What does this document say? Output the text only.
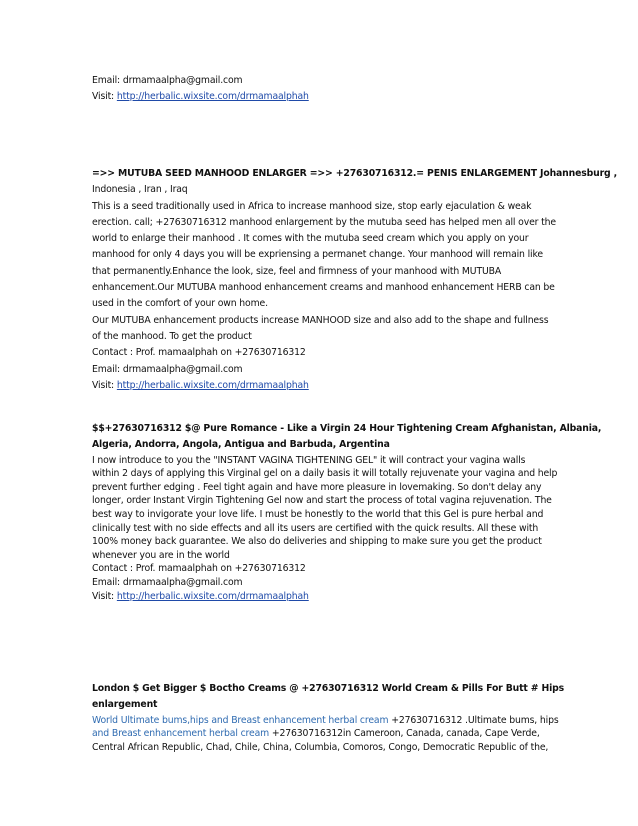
Email: drmamaalpha@gmail.com
Visit: http://herbalic.wixsite.com/drmamaalphah
=>> MUTUBA SEED MANHOOD ENLARGER =>> +27630716312.= PENIS ENLARGEMENT Johannesburg ,
Indonesia , Iran , Iraq
This is a seed traditionally used in Africa to increase manhood size, stop early ejaculation & weak
erection. call; +27630716312 manhood enlargement by the mutuba seed has helped men all over the
world to enlarge their manhood . It comes with the mutuba seed cream which you apply on your
manhood for only 4 days you will be expriensing a permanet change. Your manhood will remain like
that permanently.Enhance the look, size, feel and firmness of your manhood with MUTUBA
enhancement.Our MUTUBA manhood enhancement creams and manhood enhancement HERB can be
used in the comfort of your own home.
Our MUTUBA enhancement products increase MANHOOD size and also add to the shape and fullness
of the manhood. To get the product
Contact : Prof. mamaalphah on +27630716312
Email: drmamaalpha@gmail.com
Visit: http://herbalic.wixsite.com/drmamaalphah
$$+27630716312 $@ Pure Romance - Like a Virgin 24 Hour Tightening Cream Afghanistan, Albania,
Algeria, Andorra, Angola, Antigua and Barbuda, Argentina
I now introduce to you the "INSTANT VAGINA TIGHTENING GEL" it will contract your vagina walls
within 2 days of applying this Virginal gel on a daily basis it will totally rejuvenate your vagina and help
prevent further edging . Feel tight again and have more pleasure in lovemaking. So don't delay any
longer, order Instant Virgin Tightening Gel now and start the process of total vagina rejuvenation. The
best way to invigorate your love life. I must be honestly to the world that this Gel is pure herbal and
clinically test with no side effects and all its users are certified with the quick results. All these with
100% money back guarantee. We also do deliveries and shipping to make sure you get the product
whenever you are in the world
Contact : Prof. mamaalphah on +27630716312
Email: drmamaalpha@gmail.com
Visit: http://herbalic.wixsite.com/drmamaalphah
London $ Get Bigger $ Boctho Creams @ +27630716312 World Cream & Pills For Butt # Hips
enlargement
World Ultimate bums,hips and Breast enhancement herbal cream +27630716312 .Ultimate bums, hips
and Breast enhancement herbal cream +27630716312in Cameroon, Canada, canada, Cape Verde,
Central African Republic, Chad, Chile, China, Columbia, Comoros, Congo, Democratic Republic of the,
